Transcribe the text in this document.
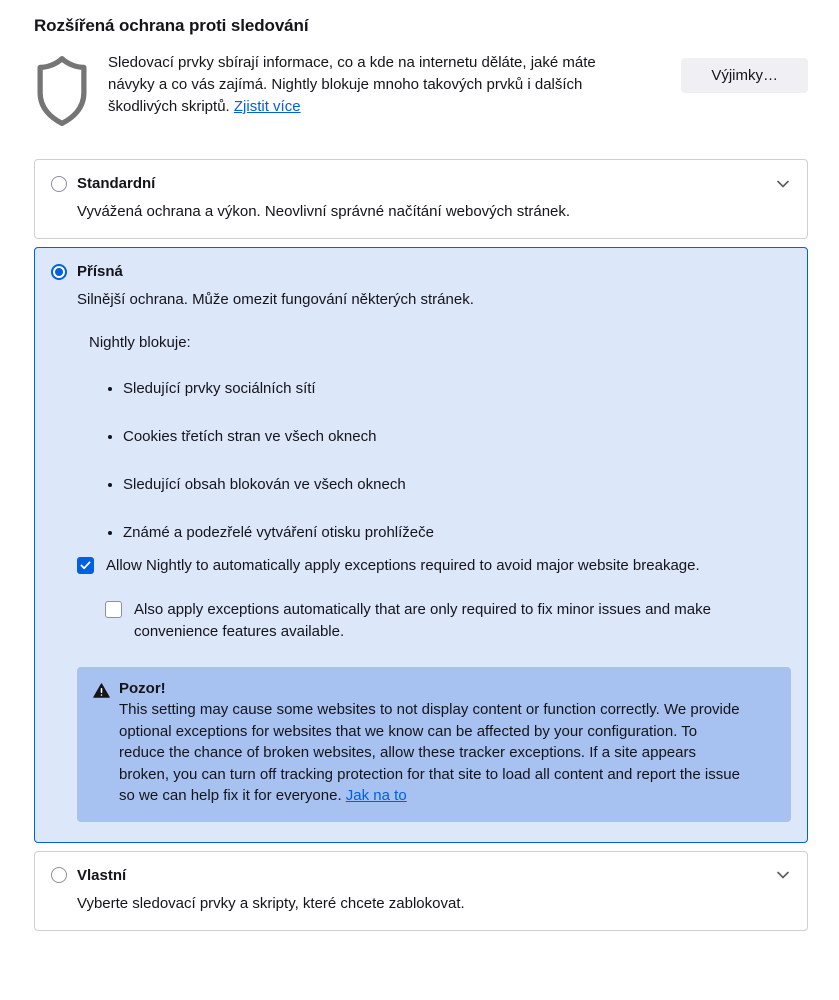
Rozšířená ochrana proti sledování

Sledovací prvky sbírají informace, co a kde na internetu děláte, jaké máte návyky a co vás zajímá. Nightly blokuje mnoho takových prvků i dalších škodlivých skriptů. Zjistit více

Výjimky…
Standardní

Vyvážená ochrana a výkon. Neovlivní správné načítání webových stránek.

Přísná

Silnější ochrana. Může omezit fungování některých stránek.

Nightly blokuje:
• Sledující prvky sociálních sítí
• Cookies třetích stran ve všech oknech
• Sledující obsah blokován ve všech oknech
• Známé a podezřelé vytváření otisku prohlížeče
Allow Nightly to automatically apply exceptions required to avoid major website breakage.
Also apply exceptions automatically that are only required to fix minor issues and make convenience features available.
Pozor!

This setting may cause some websites to not display content or function correctly. We provide optional exceptions for websites that we know can be affected by your configuration. To reduce the chance of broken websites, allow these tracker exceptions. If a site appears broken, you can turn off tracking protection for that site to load all content and report the issue so we can help fix it for everyone. Jak na to

Vlastní

Vyberte sledovací prvky a skripty, které chcete zablokovat.
